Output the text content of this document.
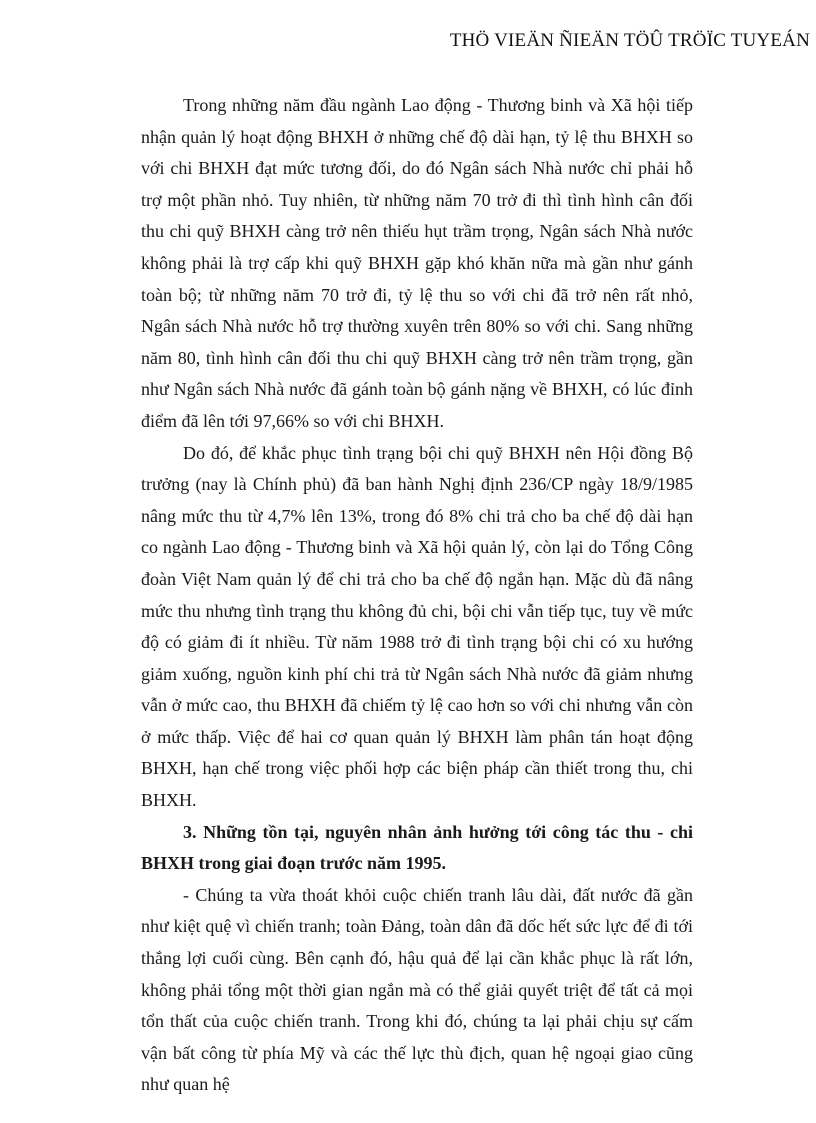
THÖ VIEÄN ÑIEÄN TÖÛ TRÖÏC TUYEÁN

Trong những năm đầu ngành Lao động - Thương binh và Xã hội tiếp nhận quản lý hoạt động BHXH ở những chế độ dài hạn, tỷ lệ thu BHXH so với chi BHXH đạt mức tương đối, do đó Ngân sách Nhà nước chỉ phải hỗ trợ một phần nhỏ. Tuy nhiên, từ những năm 70 trở đi thì tình hình cân đối thu chi quỹ BHXH càng trở nên thiếu hụt trầm trọng, Ngân sách Nhà nước không phải là trợ cấp khi quỹ BHXH gặp khó khăn nữa mà gần như gánh toàn bộ; từ những năm 70 trở đi, tỷ lệ thu so với chi đã trở nên rất nhỏ, Ngân sách Nhà nước hỗ trợ thường xuyên trên 80% so với chi. Sang những năm 80, tình hình cân đối thu chi quỹ BHXH càng trở nên trầm trọng, gần như Ngân sách Nhà nước đã gánh toàn bộ gánh nặng về BHXH, có lúc đỉnh điểm đã lên tới 97,66% so với chi BHXH.

Do đó, để khắc phục tình trạng bội chi quỹ BHXH nên Hội đồng Bộ trưởng (nay là Chính phủ) đã ban hành Nghị định 236/CP ngày 18/9/1985 nâng mức thu từ 4,7% lên 13%, trong đó 8% chi trả cho ba chế độ dài hạn co ngành Lao động - Thương binh và Xã hội quản lý, còn lại do Tổng Công đoàn Việt Nam quản lý để chi trả cho ba chế độ ngắn hạn. Mặc dù đã nâng mức thu nhưng tình trạng thu không đủ chi, bội chi vẫn tiếp tục, tuy về mức độ có giảm đi ít nhiều. Từ năm 1988 trở đi tình trạng bội chi có xu hướng giảm xuống, nguồn kinh phí chi trả từ Ngân sách Nhà nước đã giảm nhưng vẫn ở mức cao, thu BHXH đã chiếm tỷ lệ cao hơn so với chi nhưng vẫn còn ở mức thấp. Việc để hai cơ quan quản lý BHXH làm phân tán hoạt động BHXH, hạn chế trong việc phối hợp các biện pháp cần thiết trong thu, chi BHXH.

3. Những tồn tại, nguyên nhân ảnh hưởng tới công tác thu - chi BHXH trong giai đoạn trước năm 1995.

- Chúng ta vừa thoát khỏi cuộc chiến tranh lâu dài, đất nước đã gần như kiệt quệ vì chiến tranh; toàn Đảng, toàn dân đã dốc hết sức lực để đi tới thắng lợi cuối cùng. Bên cạnh đó, hậu quả để lại cần khắc phục là rất lớn, không phải tổng một thời gian ngắn mà có thể giải quyết triệt để tất cả mọi tổn thất của cuộc chiến tranh. Trong khi đó, chúng ta lại phải chịu sự cấm vận bất công từ phía Mỹ và các thế lực thù địch, quan hệ ngoại giao cũng như quan hệ
